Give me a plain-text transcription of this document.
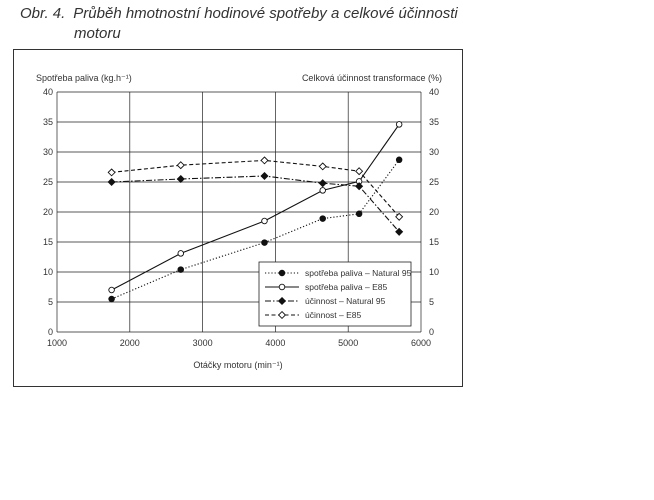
Obr. 4. Průběh hmotnostní hodinové spotřeby a celkové účinnosti
motoru
Spotřeba paliva (kg.h⁻¹)	Celková účinnost transformace (%)
Otáčky motoru (min⁻¹)
0	0
5	5
10	10
15	15
20	20
25	25
30	30
35	35
40	40
1000	2000	3000	4000	5000	6000
spotřeba paliva – Natural 95
spotřeba paliva – E85
účinnost – Natural 95
účinnost – E85
